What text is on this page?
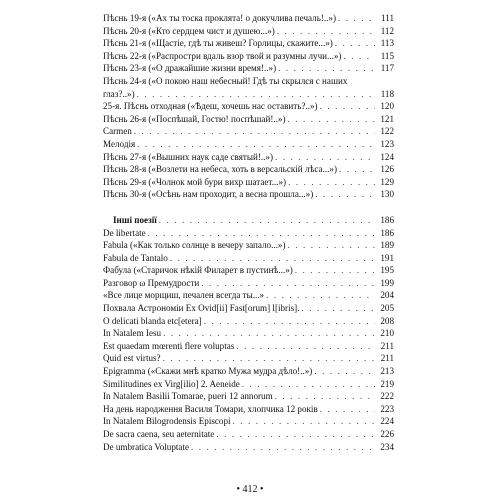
Пѣснь 19-я («Ах ты тоска проклята! о докучлива печаль!..») . . .	111
Пѣснь 20-я («Кто сердцем чист и душею...») . . .	112
Пѣснь 21-я («Щастіе, гдѣ ты живеш? Горлицы, скажите...») . . .	113
Пѣснь 22-я («Распростри вдаль взор твой и разумны лучи...») . . .	115
Пѣснь 23-я («О дражайшие жизни время!..») . . .	117
Пѣснь 24-я («О покою наш небесный! Гдѣ ты скрылся с наших
глаз?..») . . .	118
25-я. Пѣснь отходная («Ѣдеш, хочешь нас оставить?..») . . .	120
Пѣснь 26-я («Поспѣшай, Гостю! поспѣшай!..») . . .	121
Carmen . . .	122
Мелодія . . .	123
Пѣснь 27-я («Вышних наук саде святый!..») . . .	124
Пѣснь 28-я («Возлети на небеса, хоть в версальскій лѣса...») . . .	126
Пѣснь 29-я («Чолнок мой бури вихр шатает...») . . .	129
Пѣснь 30-я («Осѣнь нам проходит, а весна прошла...») . . .	130
Інші поезії . . .	186
De libertate . . .	186
Fabula («Как только солнце в вечеру запало...») . . .	189
Fabula de Tantalo . . .	191
Фабула («Старичок нѣкій Филарет в пустинѣ...») . . .	195
Разговор ω Премудрости . . .	199
«Все лице морщиш, печален всегда ты...» . . .	204
Похвала Астрономіи Ex Ovid[ii] Fast[orum] l[ibris]. . . .	205
O delicati blanda etc[etera] . . .	208
In Natalem Iesu . . .	210
Est quaedam mœrenti flere voluptas . . .	211
Quid est virtus? . . .	211
Epigramma («Скажи мнѣ кратко Мужа мудра дѣло!..») . . .	213
Similitudines ex Virg[ilio] 2. Aeneide . . .	219
In Natalem Basilii Tomarae, pueri 12 annorum . . .	222
На день народження Василя Томари, хлопчика 12 років . . .	223
In Natalem Bilogrodensis Episcopi . . .	224
De sacra caena, seu aeternitate . . .	226
De umbratica Voluptate . . .	234
• 412 •
